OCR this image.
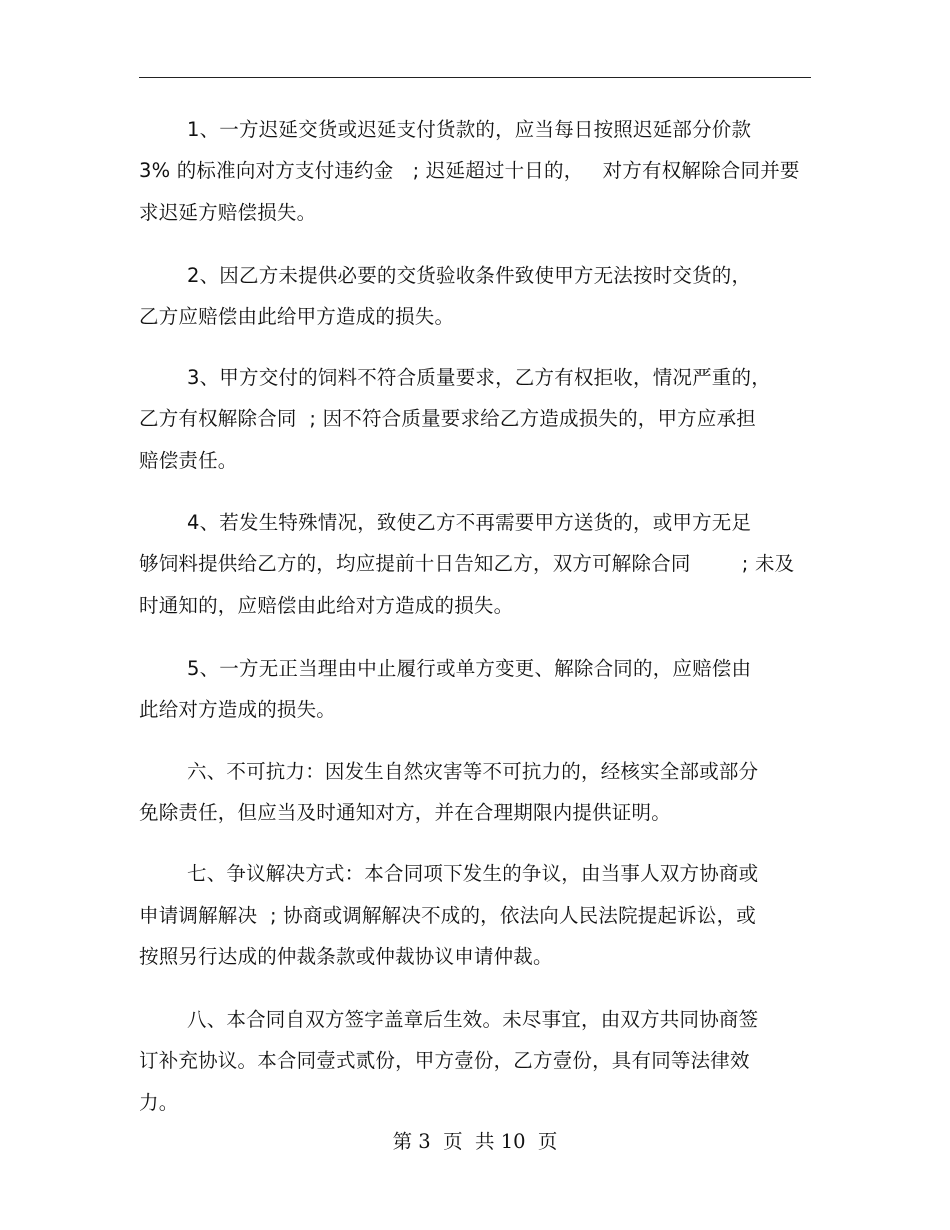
1、一方迟延交货或迟延支付货款的，应当每日按照迟延部分价款
3% 的标准向对方支付违约金   ; 迟延超过十日的，   对方有权解除合同并要
求迟延方赔偿损失。
2、因乙方未提供必要的交货验收条件致使甲方无法按时交货的，
乙方应赔偿由此给甲方造成的损失。
3、甲方交付的饲料不符合质量要求，乙方有权拒收，情况严重的，
乙方有权解除合同  ; 因不符合质量要求给乙方造成损失的，甲方应承担
赔偿责任。
4、若发生特殊情况，致使乙方不再需要甲方送货的，或甲方无足
够饲料提供给乙方的，均应提前十日告知乙方，双方可解除合同        ; 未及
时通知的，应赔偿由此给对方造成的损失。
5、一方无正当理由中止履行或单方变更、解除合同的，应赔偿由
此给对方造成的损失。
六、不可抗力：因发生自然灾害等不可抗力的，经核实全部或部分
免除责任，但应当及时通知对方，并在合理期限内提供证明。
七、争议解决方式：本合同项下发生的争议，由当事人双方协商或
申请调解解决  ; 协商或调解解决不成的，依法向人民法院提起诉讼，或
按照另行达成的仲裁条款或仲裁协议申请仲裁。
八、本合同自双方签字盖章后生效。未尽事宜，由双方共同协商签
订补充协议。本合同壹式贰份，甲方壹份，乙方壹份，具有同等法律效
力。
第 3  页  共 10  页
